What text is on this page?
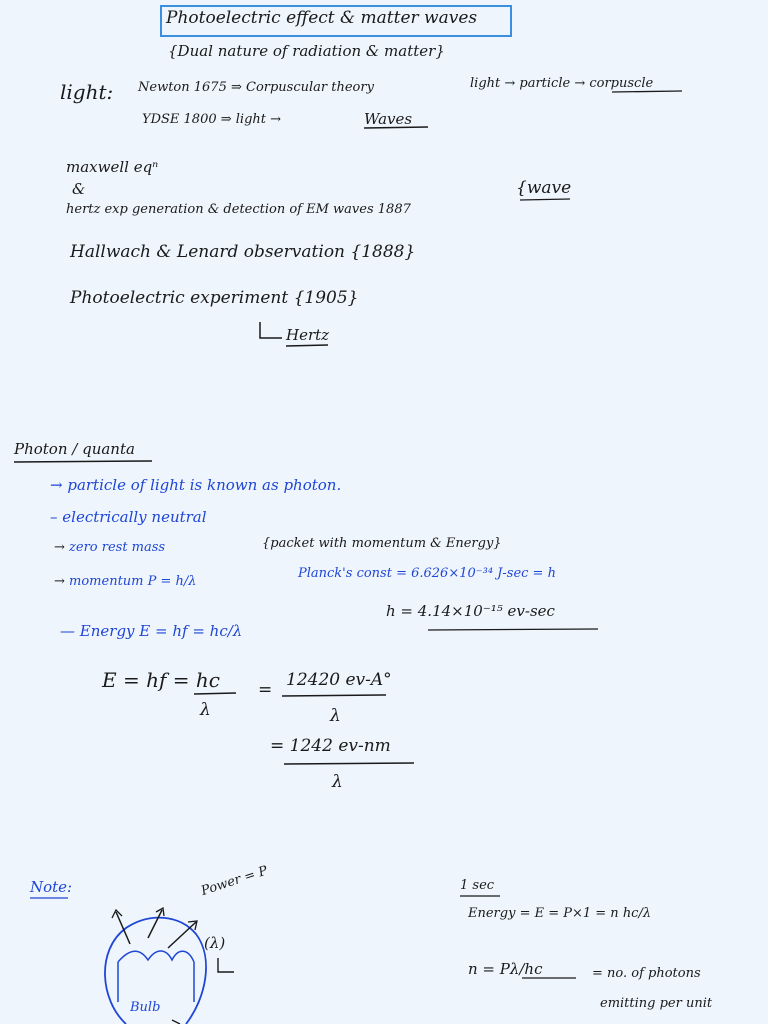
Photoelectric effect & matter waves
{Dual nature of radiation & matter}
light: Newton 1675 ⇒ Corpuscular theory	light → particle → corpuscle
YDSE 1800 ⇒ light →	Waves
maxwell eqⁿ
&
hertz exp generation & detection of EM waves 1887
{wave
Hallwach & Lenard observation {1888}
Photoelectric experiment {1905}
Hertz
Photon / quanta
→ particle of light is known as photon.
– electrically neutral
→ zero rest mass	{packet with momentum & Energy}
→ momentum P = h/λ
Planck's const = 6.626×10⁻³⁴ J-sec = h
h = 4.14×10⁻¹⁵ ev-sec
— Energy E = hf = hc/λ
E = hf = hc
λ
= 12420 ev-A°
λ
= 1242 ev-nm
λ
Note:	Power = P
(λ)
Bulb
1 sec
Energy = E = P×1 = n hc/λ
n = Pλ/hc	= no. of photons
emitting per unit
